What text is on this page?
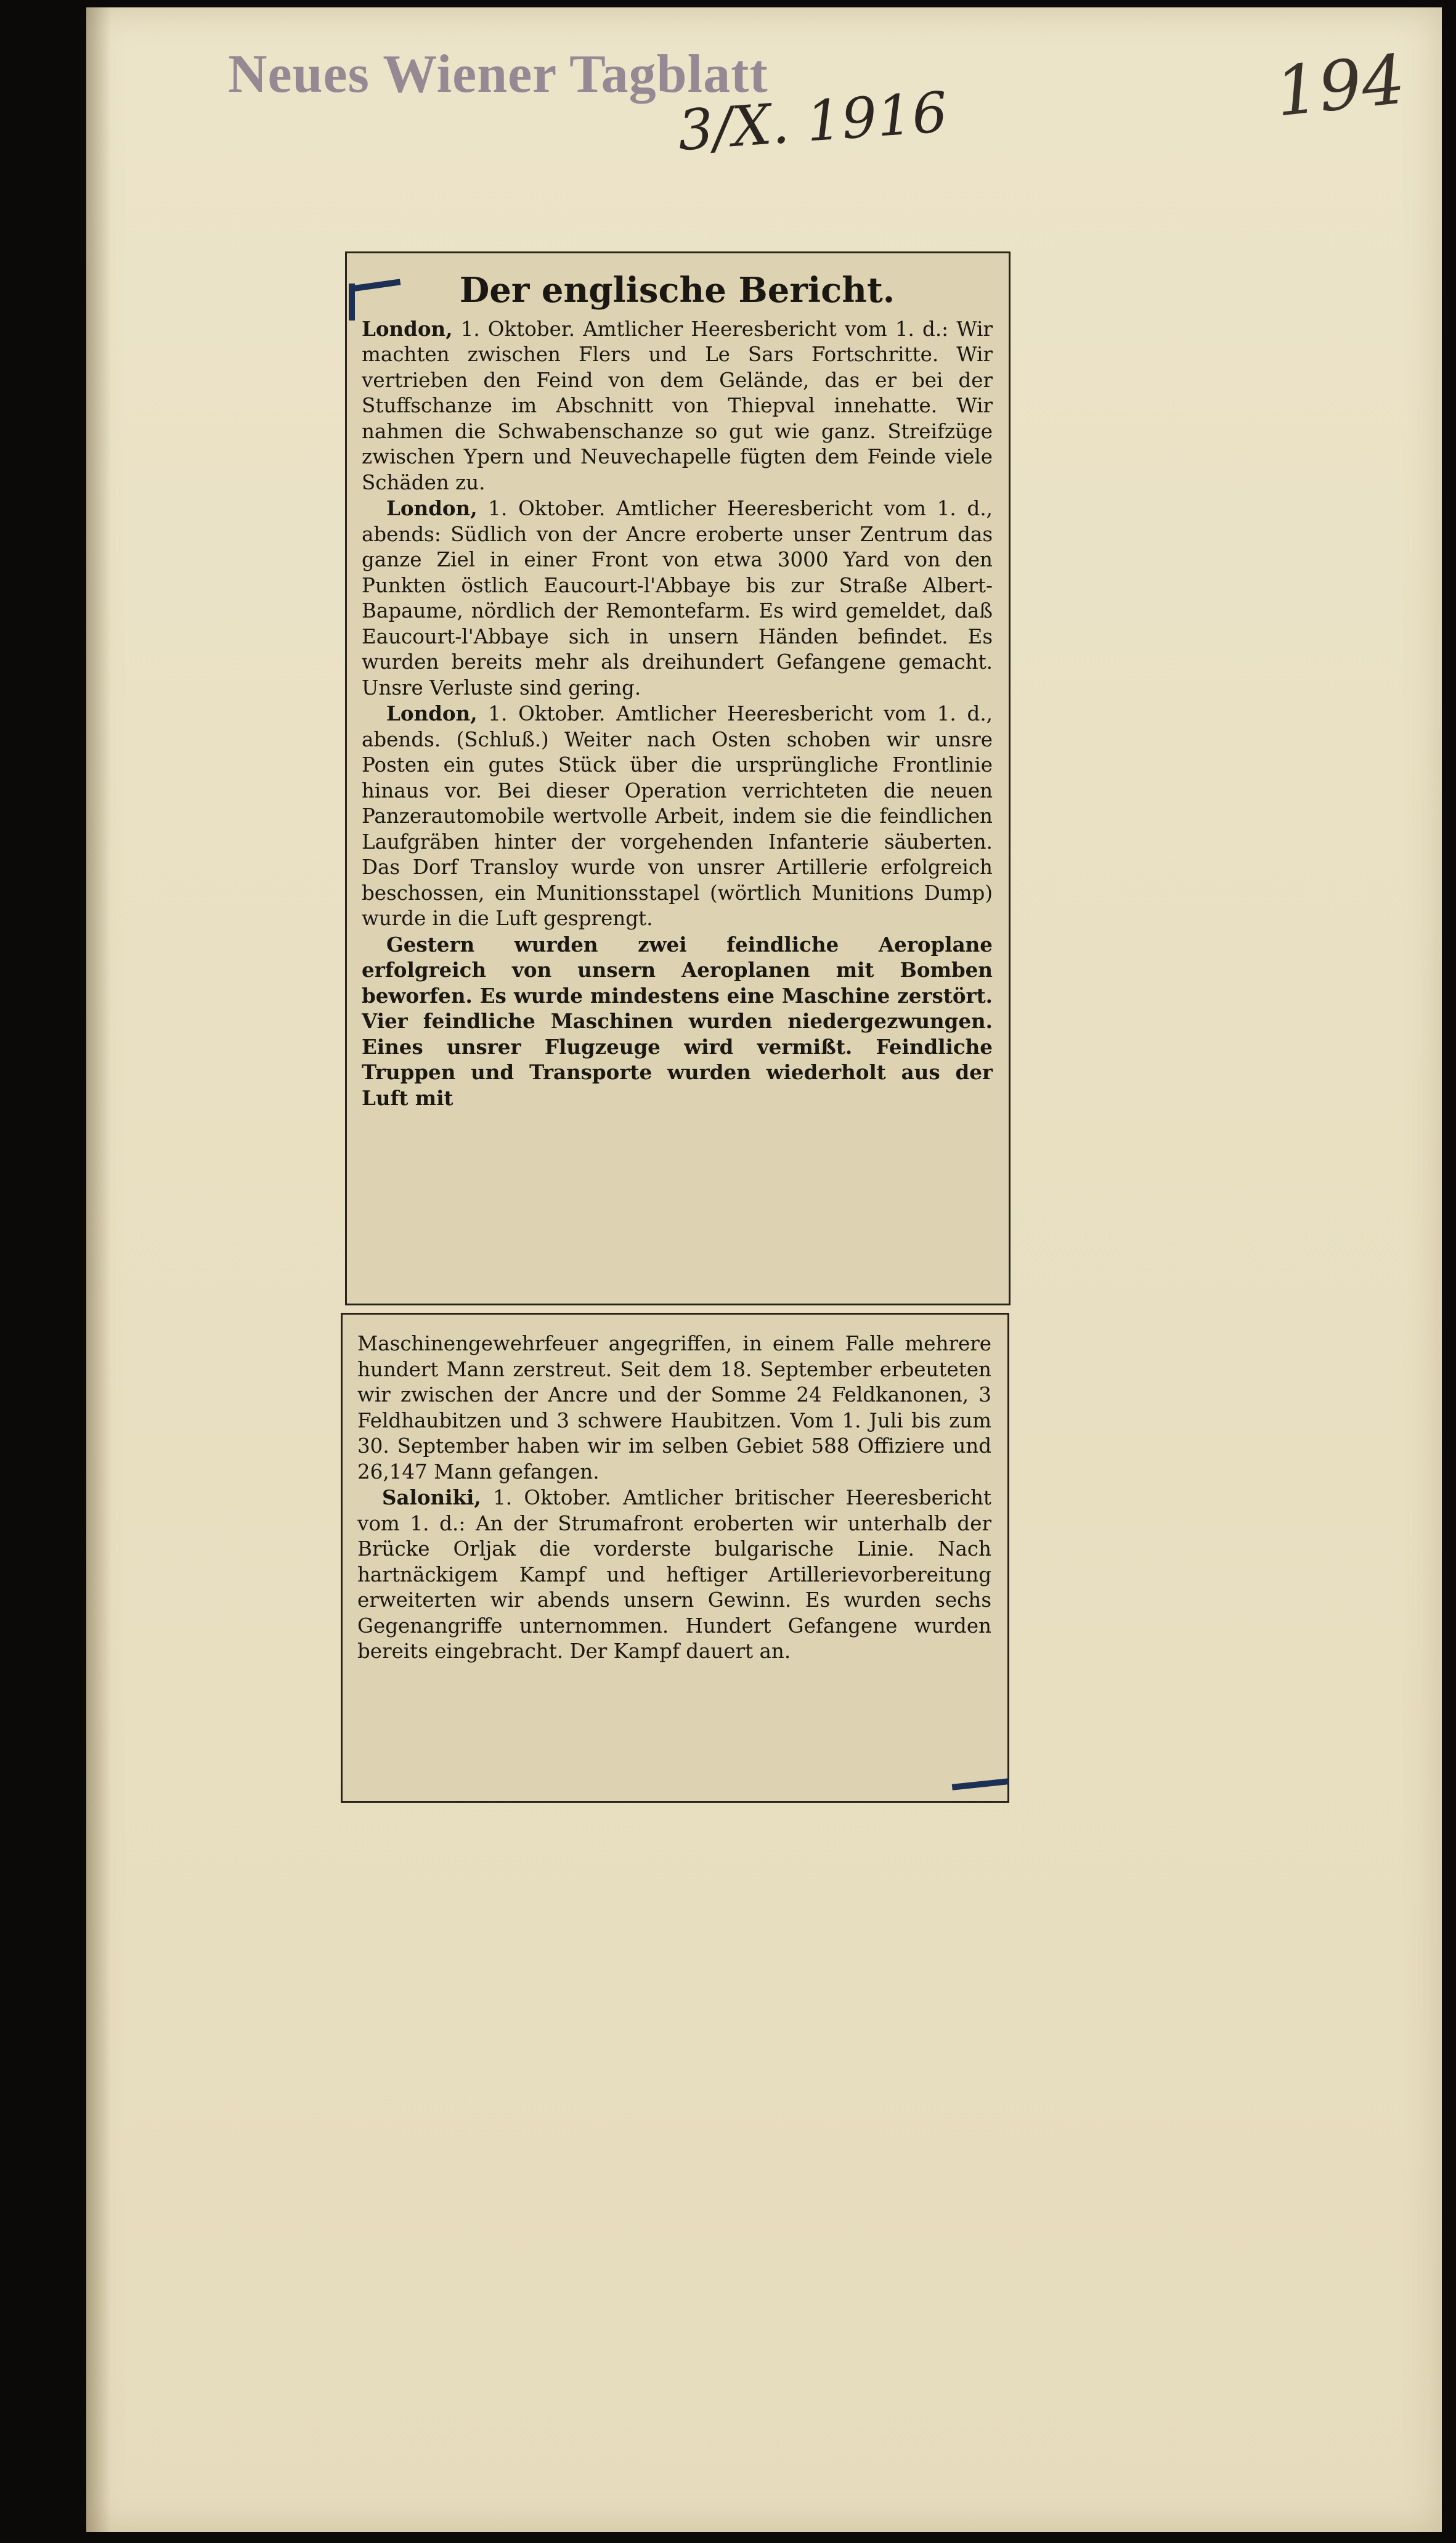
Neues Wiener Tagblatt
3/X. 1916	194
Der englische Bericht.

London, 1. Oktober. Amtlicher Heeresbericht vom 1. d.: Wir machten zwischen Flers und Le Sars Fortschritte. Wir vertrieben den Feind von dem Gelände, das er bei der Stuffschanze im Abschnitt von Thiepval innehatte. Wir nahmen die Schwabenschanze so gut wie ganz. Streifzüge zwischen Ypern und Neuvechapelle fügten dem Feinde viele Schäden zu.

London, 1. Oktober. Amtlicher Heeresbericht vom 1. d., abends: Südlich von der Ancre eroberte unser Zentrum das ganze Ziel in einer Front von etwa 3000 Yard von den Punkten östlich Eaucourt-l'Abbaye bis zur Straße Albert-Bapaume, nördlich der Remontefarm. Es wird gemeldet, daß Eaucourt-l'Abbaye sich in unsern Händen befindet. Es wurden bereits mehr als dreihundert Gefangene gemacht. Unsre Verluste sind gering.

London, 1. Oktober. Amtlicher Heeresbericht vom 1. d., abends. (Schluß.) Weiter nach Osten schoben wir unsre Posten ein gutes Stück über die ursprüngliche Frontlinie hinaus vor. Bei dieser Operation verrichteten die neuen Panzerautomobile wertvolle Arbeit, indem sie die feindlichen Laufgräben hinter der vorgehenden Infanterie säuberten. Das Dorf Transloy wurde von unsrer Artillerie erfolgreich beschossen, ein Munitionsstapel (wörtlich Munitions Dump) wurde in die Luft gesprengt.

Gestern wurden zwei feindliche Aeroplane erfolgreich von unsern Aeroplanen mit Bomben beworfen. Es wurde mindestens eine Maschine zerstört. Vier feindliche Maschinen wurden niedergezwungen. Eines unsrer Flugzeuge wird vermißt. Feindliche Truppen und Transporte wurden wiederholt aus der Luft mit

Maschinengewehrfeuer angegriffen, in einem Falle mehrere hundert Mann zerstreut. Seit dem 18. September erbeuteten wir zwischen der Ancre und der Somme 24 Feldkanonen, 3 Feldhaubitzen und 3 schwere Haubitzen. Vom 1. Juli bis zum 30. September haben wir im selben Gebiet 588 Offiziere und 26,147 Mann gefangen.

Saloniki, 1. Oktober. Amtlicher britischer Heeresbericht vom 1. d.: An der Strumafront eroberten wir unterhalb der Brücke Orljak die vorderste bulgarische Linie. Nach hartnäckigem Kampf und heftiger Artillerievorbereitung erweiterten wir abends unsern Gewinn. Es wurden sechs Gegenangriffe unternommen. Hundert Gefangene wurden bereits eingebracht. Der Kampf dauert an.
